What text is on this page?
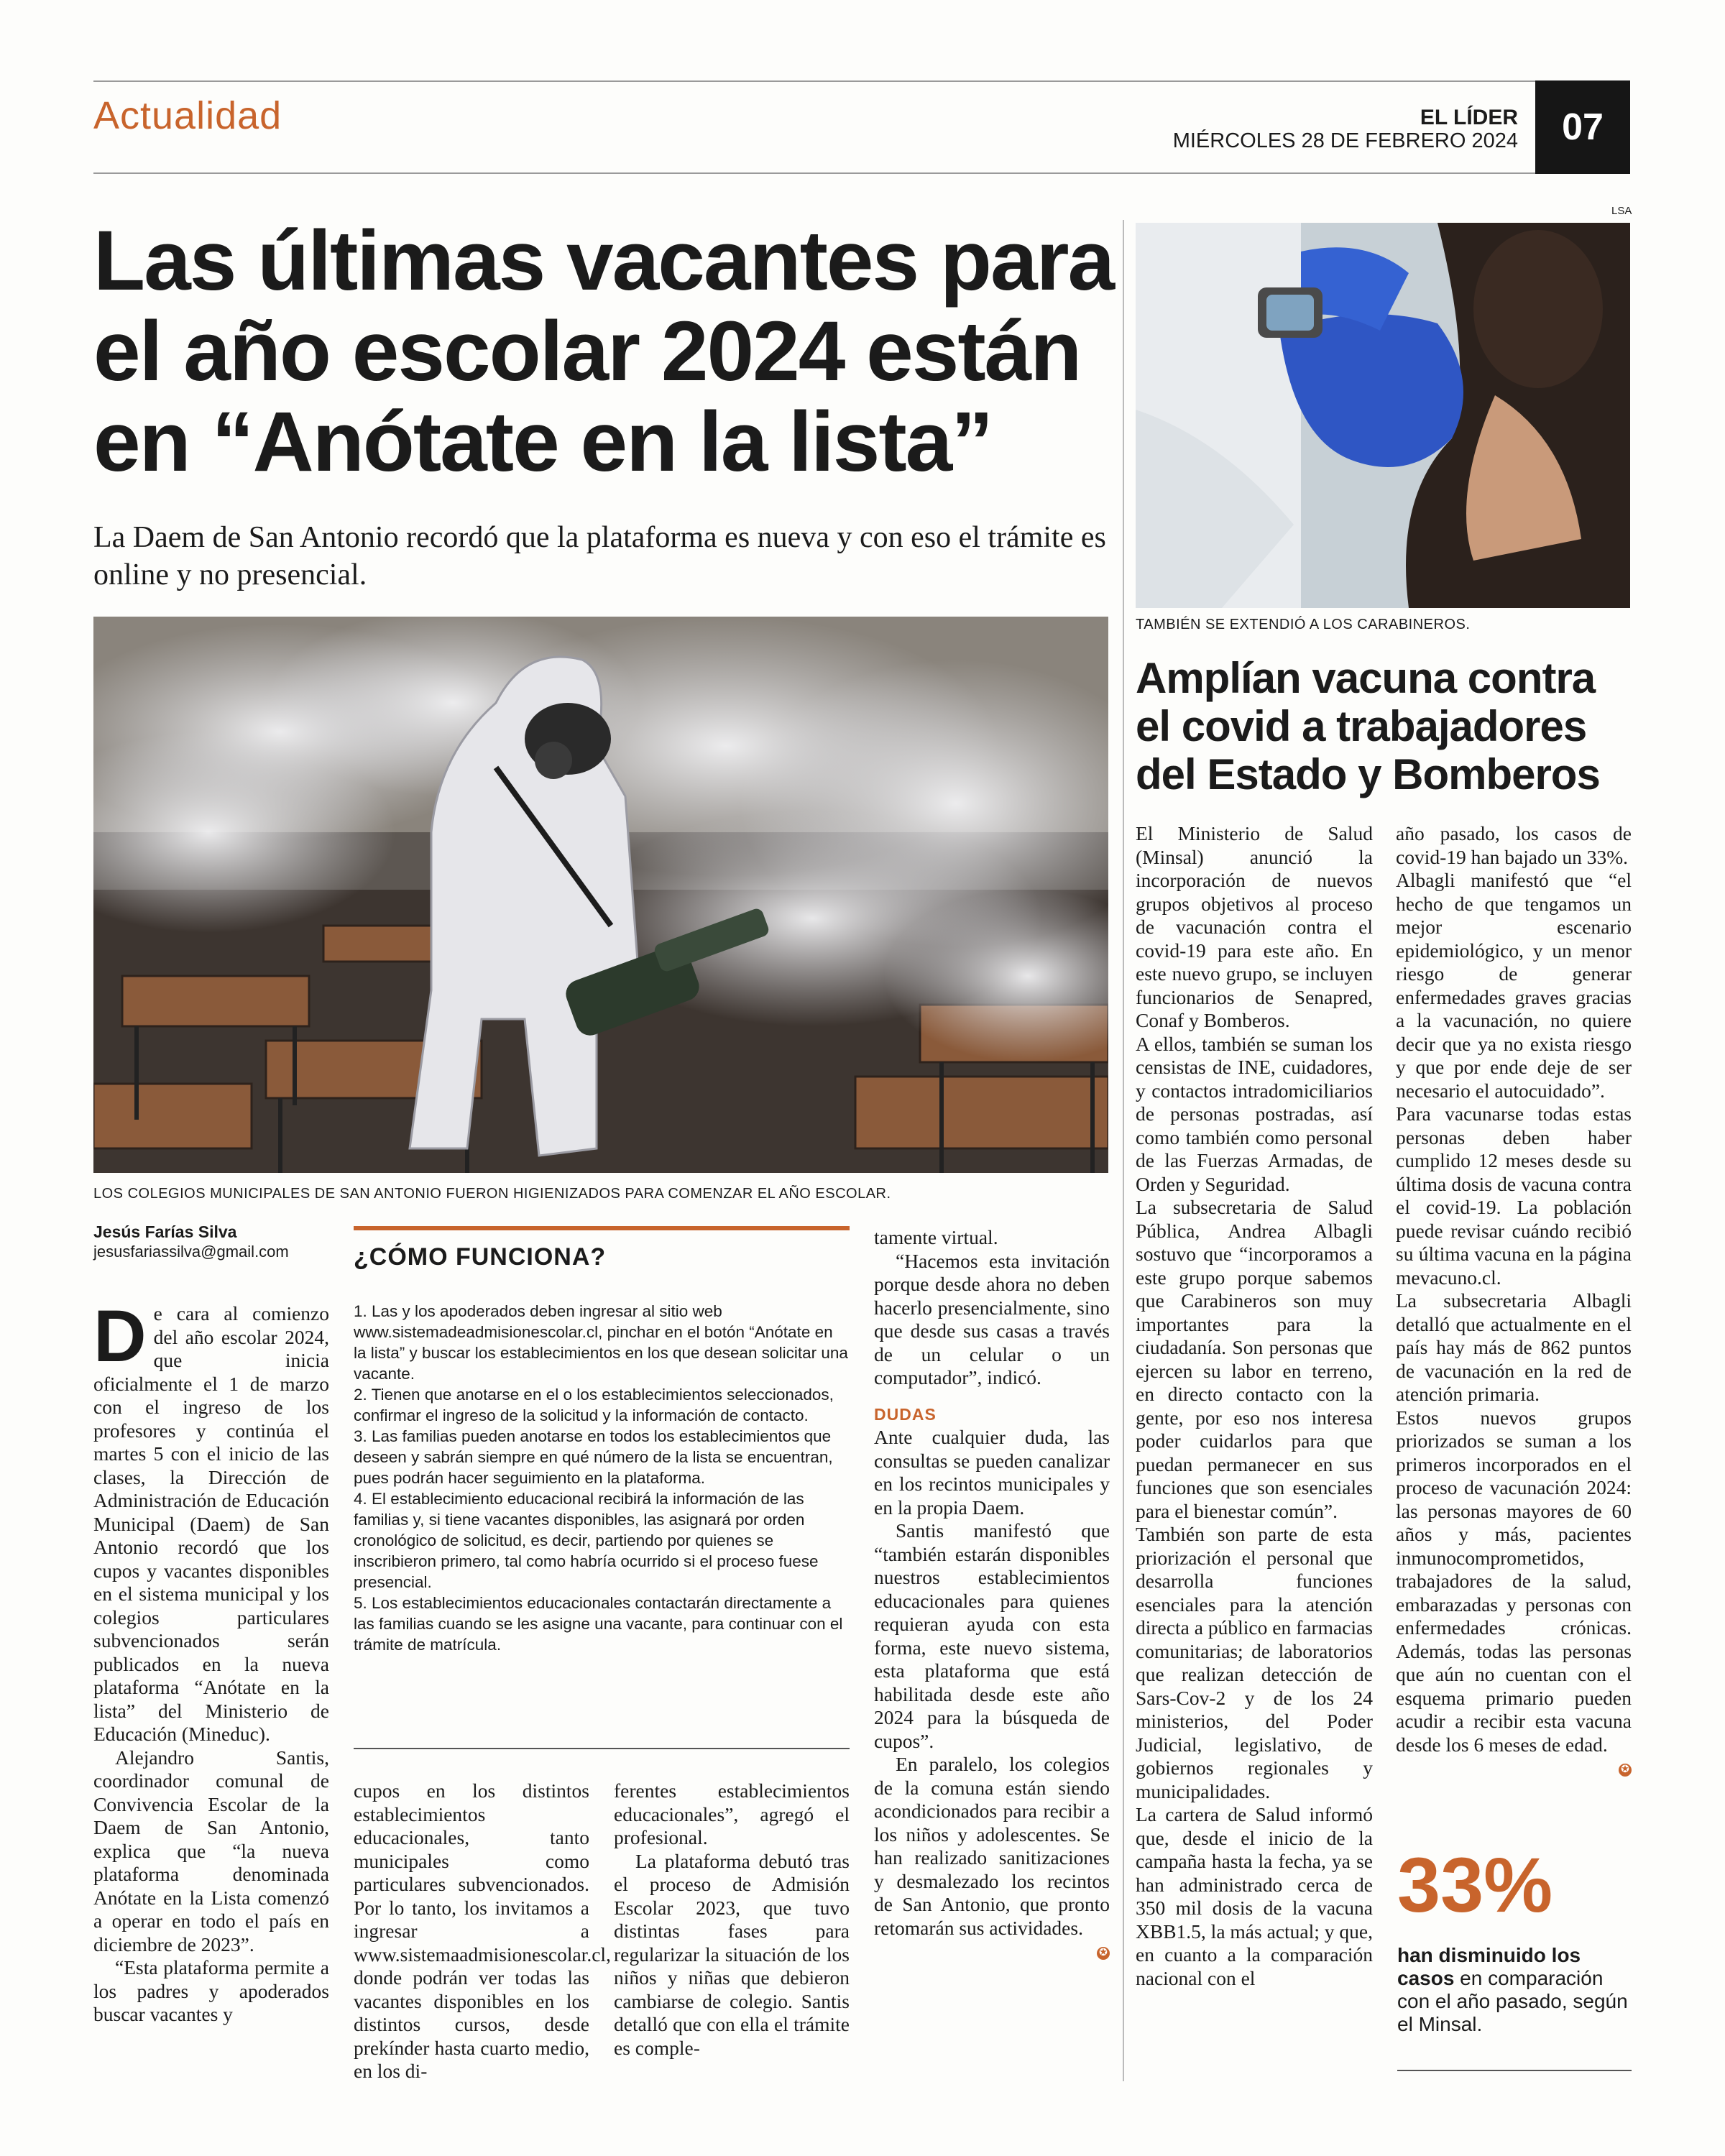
Actualidad	EL LÍDER
MIÉRCOLES 28 DE FEBRERO 2024	07
Las últimas vacantes para el año escolar 2024 están en “Anótate en la lista”
La Daem de San Antonio recordó que la plataforma es nueva y con eso el trámite es online y no presencial.
LOS COLEGIOS MUNICIPALES DE SAN ANTONIO FUERON HIGIENIZADOS PARA COMENZAR EL AÑO ESCOLAR.
Jesús Farías Silva
jesusfariassilva@gmail.com

De cara al comienzo del año escolar 2024, que inicia oficialmente el 1 de marzo con el ingreso de los profesores y continúa el martes 5 con el inicio de las clases, la Dirección de Administración de Educación Municipal (Daem) de San Antonio recordó que los cupos y vacantes disponibles en el sistema municipal y los colegios particulares subvencionados serán publicados en la nueva plataforma “Anótate en la lista” del Ministerio de Educación (Mineduc).

Alejandro Santis, coordinador comunal de Convivencia Escolar de la Daem de San Antonio, explica que “la nueva plataforma denominada Anótate en la Lista comenzó a operar en todo el país en diciembre de 2023”.

“Esta plataforma permite a los padres y apoderados buscar vacantes y

¿CÓMO FUNCIONA?
1. Las y los apoderados deben ingresar al sitio web www.sistemadeadmisionescolar.cl, pinchar en el botón “Anótate en la lista” y buscar los establecimientos en los que desean solicitar una vacante.
2. Tienen que anotarse en el o los establecimientos seleccionados, confirmar el ingreso de la solicitud y la información de contacto.
3. Las familias pueden anotarse en todos los establecimientos que deseen y sabrán siempre en qué número de la lista se encuentran, pues podrán hacer seguimiento en la plataforma.
4. El establecimiento educacional recibirá la información de las familias y, si tiene vacantes disponibles, las asignará por orden cronológico de solicitud, es decir, partiendo por quienes se inscribieron primero, tal como habría ocurrido si el proceso fuese presencial.
5. Los establecimientos educacionales contactarán directamente a las familias cuando se les asigne una vacante, para continuar con el trámite de matrícula.

cupos en los distintos establecimientos educacionales, tanto municipales como particulares subvencionados. Por lo tanto, los invitamos a ingresar a www.sistemaadmisionescolar.cl, donde podrán ver todas las vacantes disponibles en los distintos cursos, desde prekínder hasta cuarto medio, en los di-

ferentes establecimientos educacionales”, agregó el profesional.

La plataforma debutó tras el proceso de Admisión Escolar 2023, que tuvo distintas fases para regularizar la situación de los niños y niñas que debieron cambiarse de colegio. Santis detalló que con ella el trámite es comple-

tamente virtual.

“Hacemos esta invitación porque desde ahora no deben hacerlo presencialmente, sino que desde sus casas a través de un celular o un computador”, indicó.

DUDAS

Ante cualquier duda, las consultas se pueden canalizar en los recintos municipales y en la propia Daem.

Santis manifestó que “también estarán disponibles nuestros establecimientos educacionales para quienes requieran ayuda con esta forma, este nuevo sistema, esta plataforma que está habilitada desde este año 2024 para la búsqueda de cupos”.

En paralelo, los colegios de la comuna están siendo acondicionados para recibir a los niños y adolescentes. Se han realizado sanitizaciones y desmalezado los recintos de San Antonio, que pronto retomarán sus actividades.

✪
LSA
TAMBIÉN SE EXTENDIÓ A LOS CARABINEROS.
Amplían vacuna contra el covid a trabajadores del Estado y Bomberos

El Ministerio de Salud (Minsal) anunció la incorporación de nuevos grupos objetivos al proceso de vacunación contra el covid-19 para este año. En este nuevo grupo, se incluyen funcionarios de Senapred, Conaf y Bomberos.

A ellos, también se suman los censistas de INE, cuidadores, y contactos intradomiciliarios de personas postradas, así como también como personal de las Fuerzas Armadas, de Orden y Seguridad.

La subsecretaria de Salud Pública, Andrea Albagli sostuvo que “incorporamos a este grupo porque sabemos que Carabineros son muy importantes para la ciudadanía. Son personas que ejercen su labor en terreno, en directo contacto con la gente, por eso nos interesa poder cuidarlos para que puedan permanecer en sus funciones que son esenciales para el bienestar común”.

También son parte de esta priorización el personal que desarrolla funciones esenciales para la atención directa a público en farmacias comunitarias; de laboratorios que realizan detección de Sars-Cov-2 y de los 24 ministerios, del Poder Judicial, legislativo, de gobiernos regionales y municipalidades.

La cartera de Salud informó que, desde el inicio de la campaña hasta la fecha, ya se han administrado cerca de 350 mil dosis de la vacuna XBB1.5, la más actual; y que, en cuanto a la comparación nacional con el

año pasado, los casos de covid-19 han bajado un 33%.

Albagli manifestó que “el hecho de que tengamos un mejor escenario epidemiológico, y un menor riesgo de generar enfermedades graves gracias a la vacunación, no quiere decir que ya no exista riesgo y que por ende deje de ser necesario el autocuidado”.

Para vacunarse todas estas personas deben haber cumplido 12 meses desde su última dosis de vacuna contra el covid-19. La población puede revisar cuándo recibió su última vacuna en la página mevacuno.cl.

La subsecretaria Albagli detalló que actualmente en el país hay más de 862 puntos de vacunación en la red de atención primaria.

Estos nuevos grupos priorizados se suman a los primeros incorporados en el proceso de vacunación 2024: las personas mayores de 60 años y más, pacientes inmunocomprometidos, trabajadores de la salud, embarazadas y personas con enfermedades crónicas. Además, todas las personas que aún no cuentan con el esquema primario pueden acudir a recibir esta vacuna desde los 6 meses de edad.

✪
33%
han disminuido los casos en comparación con el año pasado, según el Minsal.
